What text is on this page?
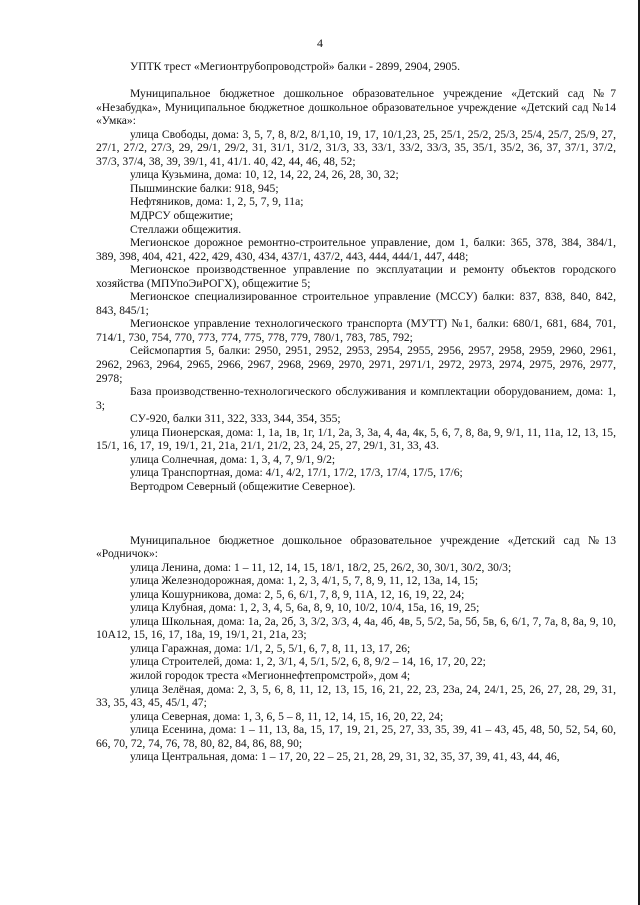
4
УПТК трест «Мегионтрубопроводстрой» балки - 2899, 2904, 2905.
Муниципальное бюджетное дошкольное образовательное учреждение «Детский сад №7 «Незабудка», Муниципальное бюджетное дошкольное образовательное учреждение «Детский сад №14 «Умка»:
улица Свободы, дома: 3, 5, 7, 8, 8/2, 8/1,10, 19, 17, 10/1,23, 25, 25/1, 25/2, 25/3, 25/4, 25/7, 25/9, 27, 27/1, 27/2, 27/3, 29, 29/1, 29/2, 31, 31/1, 31/2, 31/3, 33, 33/1, 33/2, 33/3, 35, 35/1, 35/2, 36, 37, 37/1, 37/2, 37/3, 37/4, 38, 39, 39/1, 41, 41/1. 40, 42, 44, 46, 48, 52;
улица Кузьмина, дома: 10, 12, 14, 22, 24, 26, 28, 30, 32;
Пышминские балки: 918, 945;
Нефтяников, дома: 1, 2, 5, 7, 9, 11а;
МДРСУ общежитие;
Стеллажи общежития.
Мегионское дорожное ремонтно-строительное управление, дом 1, балки: 365, 378, 384, 384/1, 389, 398, 404, 421, 422, 429, 430, 434, 437/1, 437/2, 443, 444, 444/1, 447, 448;
Мегионское производственное управление по эксплуатации и ремонту объектов городского хозяйства (МПУпоЭиРОГХ), общежитие 5;
Мегионское специализированное строительное управление (МССУ) балки: 837, 838, 840, 842, 843, 845/1;
Мегионское управление технологического транспорта (МУТТ) №1, балки: 680/1, 681, 684, 701, 714/1, 730, 754, 770, 773, 774, 775, 778, 779, 780/1, 783, 785, 792;
Сейсмопартия 5, балки: 2950, 2951, 2952, 2953, 2954, 2955, 2956, 2957, 2958, 2959, 2960, 2961, 2962, 2963, 2964, 2965, 2966, 2967, 2968, 2969, 2970, 2971, 2971/1, 2972, 2973, 2974, 2975, 2976, 2977, 2978;
База производственно-технологического обслуживания и комплектации оборудованием, дома: 1, 3;
СУ-920, балки 311, 322, 333, 344, 354, 355;
улица Пионерская, дома: 1, 1а, 1в, 1г, 1/1, 2а, 3, 3а, 4, 4а, 4к, 5, 6, 7, 8, 8а, 9, 9/1, 11, 11а, 12, 13, 15, 15/1, 16, 17, 19, 19/1, 21, 21а, 21/1, 21/2, 23, 24, 25, 27, 29/1, 31, 33, 43.
улица Солнечная, дома: 1, 3, 4, 7, 9/1, 9/2;
улица Транспортная, дома: 4/1, 4/2, 17/1, 17/2, 17/3, 17/4, 17/5, 17/6;
Вертодром Северный (общежитие Северное).
Муниципальное бюджетное дошкольное образовательное учреждение «Детский сад №13 «Родничок»:
улица Ленина, дома: 1 – 11, 12, 14, 15, 18/1, 18/2, 25, 26/2, 30, 30/1, 30/2, 30/3;
улица Железнодорожная, дома: 1, 2, 3, 4/1, 5, 7, 8, 9, 11, 12, 13а, 14, 15;
улица Кошурникова, дома: 2, 5, 6, 6/1, 7, 8, 9, 11А, 12, 16, 19, 22, 24;
улица Клубная, дома: 1, 2, 3, 4, 5, 6а, 8, 9, 10, 10/2, 10/4, 15а, 16, 19, 25;
улица Школьная, дома: 1а, 2а, 2б, 3, 3/2, 3/3, 4, 4а, 4б, 4в, 5, 5/2, 5а, 5б, 5в, 6, 6/1, 7, 7а, 8, 8а, 9, 10, 10А12, 15, 16, 17, 18а, 19, 19/1, 21, 21а, 23;
улица Гаражная, дома: 1/1, 2, 5, 5/1, 6, 7, 8, 11, 13, 17, 26;
улица Строителей, дома: 1, 2, 3/1, 4, 5/1, 5/2, 6, 8, 9/2 – 14, 16, 17, 20, 22;
жилой городок треста «Мегионнефтепромстрой», дом 4;
улица Зелёная, дома: 2, 3, 5, 6, 8, 11, 12, 13, 15, 16, 21, 22, 23, 23а, 24, 24/1, 25, 26, 27, 28, 29, 31, 33, 35, 43, 45, 45/1, 47;
улица Северная, дома: 1, 3, 6, 5 – 8, 11, 12, 14, 15, 16, 20, 22, 24;
улица Есенина, дома: 1 – 11, 13, 8а, 15, 17, 19, 21, 25, 27, 33, 35, 39, 41 – 43, 45, 48, 50, 52, 54, 60, 66, 70, 72, 74, 76, 78, 80, 82, 84, 86, 88, 90;
улица Центральная, дома: 1 – 17, 20, 22 – 25, 21, 28, 29, 31, 32, 35, 37, 39, 41, 43, 44, 46,
